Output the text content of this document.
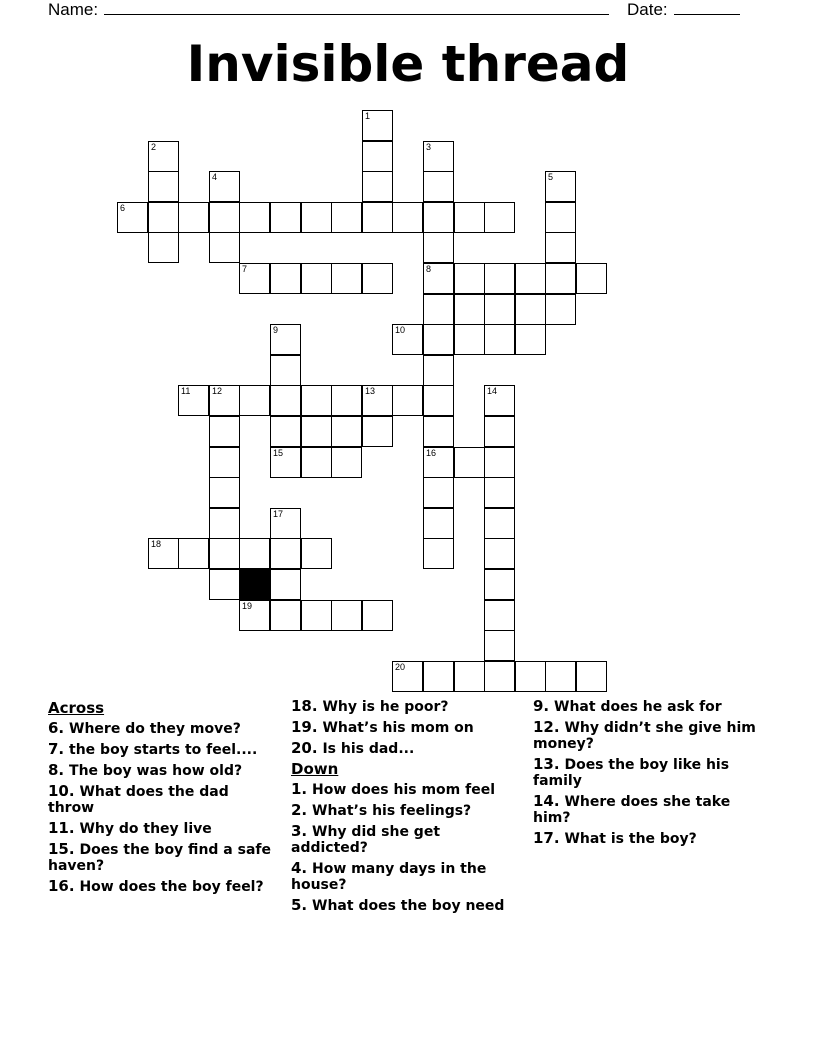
Name:	Date:
Invisible thread
1
2	3
4	5
6
7	8
9	10
11 12	13	14
15	16
17
18
19
20
Across
6. Where do they move?
7. the boy starts to feel....
8. The boy was how old?
10. What does the dad throw
11. Why do they live
15. Does the boy find a safe haven?
16. How does the boy feel?
18. Why is he poor?
19. What’s his mom on
20. Is his dad...
Down
1. How does his mom feel
2. What’s his feelings?
3. Why did she get addicted?
4. How many days in the house?
5. What does the boy need
9. What does he ask for
12. Why didn’t she give him money?
13. Does the boy like his family
14. Where does she take him?
17. What is the boy?
